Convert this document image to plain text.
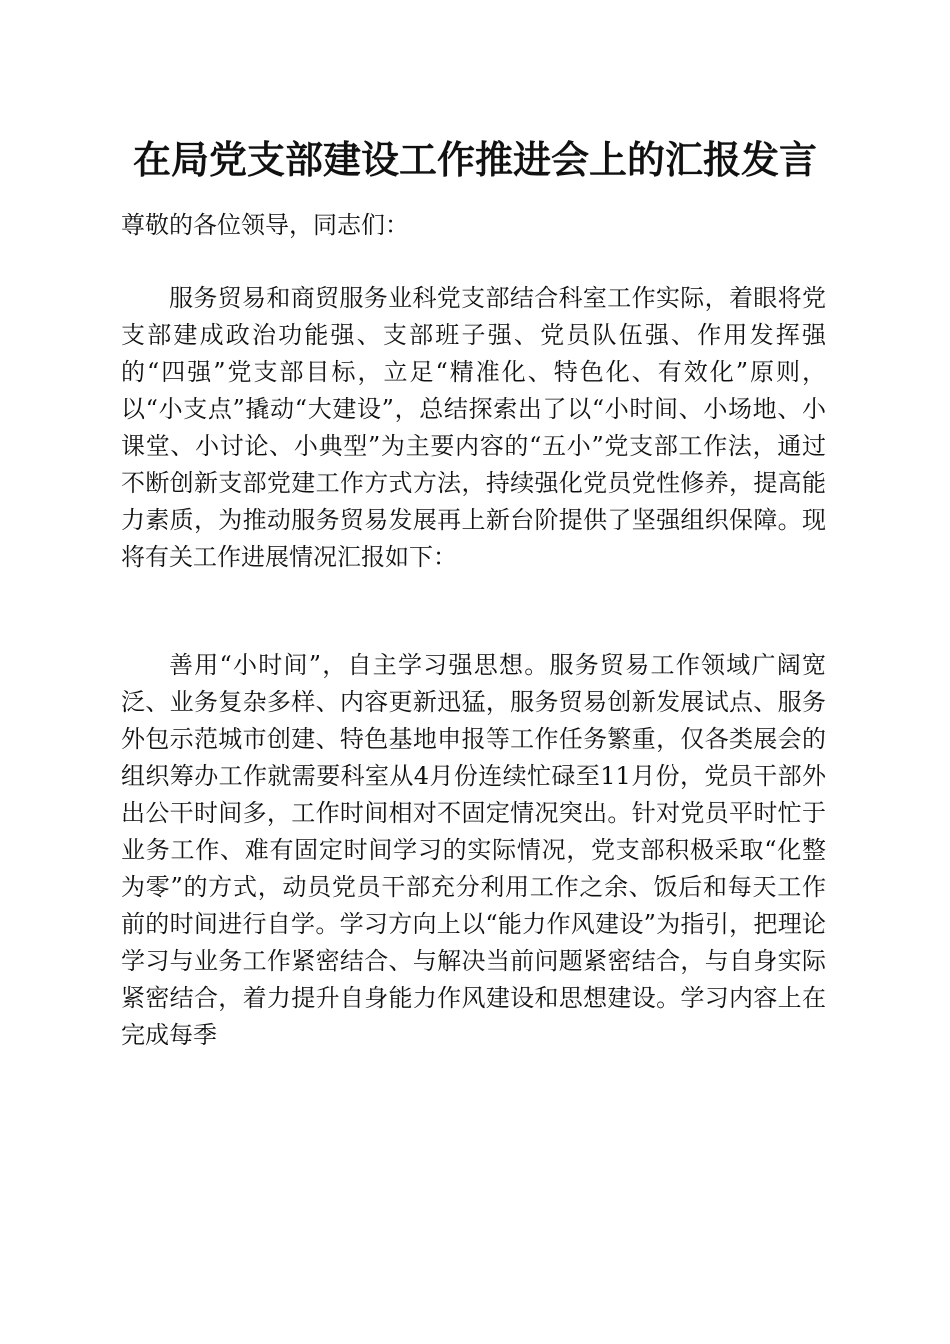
在局党支部建设工作推进会上的汇报发言

尊敬的各位领导，同志们：

服务贸易和商贸服务业科党支部结合科室工作实际，着眼将党支部建成政治功能强、支部班子强、党员队伍强、作用发挥强的“四强”党支部目标，立足“精准化、特色化、有效化”原则，以“小支点”撬动“大建设”，总结探索出了以“小时间、小场地、小课堂、小讨论、小典型”为主要内容的“五小”党支部工作法，通过不断创新支部党建工作方式方法，持续强化党员党性修养，提高能力素质，为推动服务贸易发展再上新台阶提供了坚强组织保障。现将有关工作进展情况汇报如下：

善用“小时间”，自主学习强思想。服务贸易工作领域广阔宽泛、业务复杂多样、内容更新迅猛，服务贸易创新发展试点、服务外包示范城市创建、特色基地申报等工作任务繁重，仅各类展会的组织筹办工作就需要科室从4月份连续忙碌至11月份，党员干部外出公干时间多，工作时间相对不固定情况突出。针对党员平时忙于业务工作、难有固定时间学习的实际情况，党支部积极采取“化整为零”的方式，动员党员干部充分利用工作之余、饭后和每天工作前的时间进行自学。学习方向上以“能力作风建设”为指引，把理论学习与业务工作紧密结合、与解决当前问题紧密结合，与自身实际紧密结合，着力提升自身能力作风建设和思想建设。学习内容上在完成每季
